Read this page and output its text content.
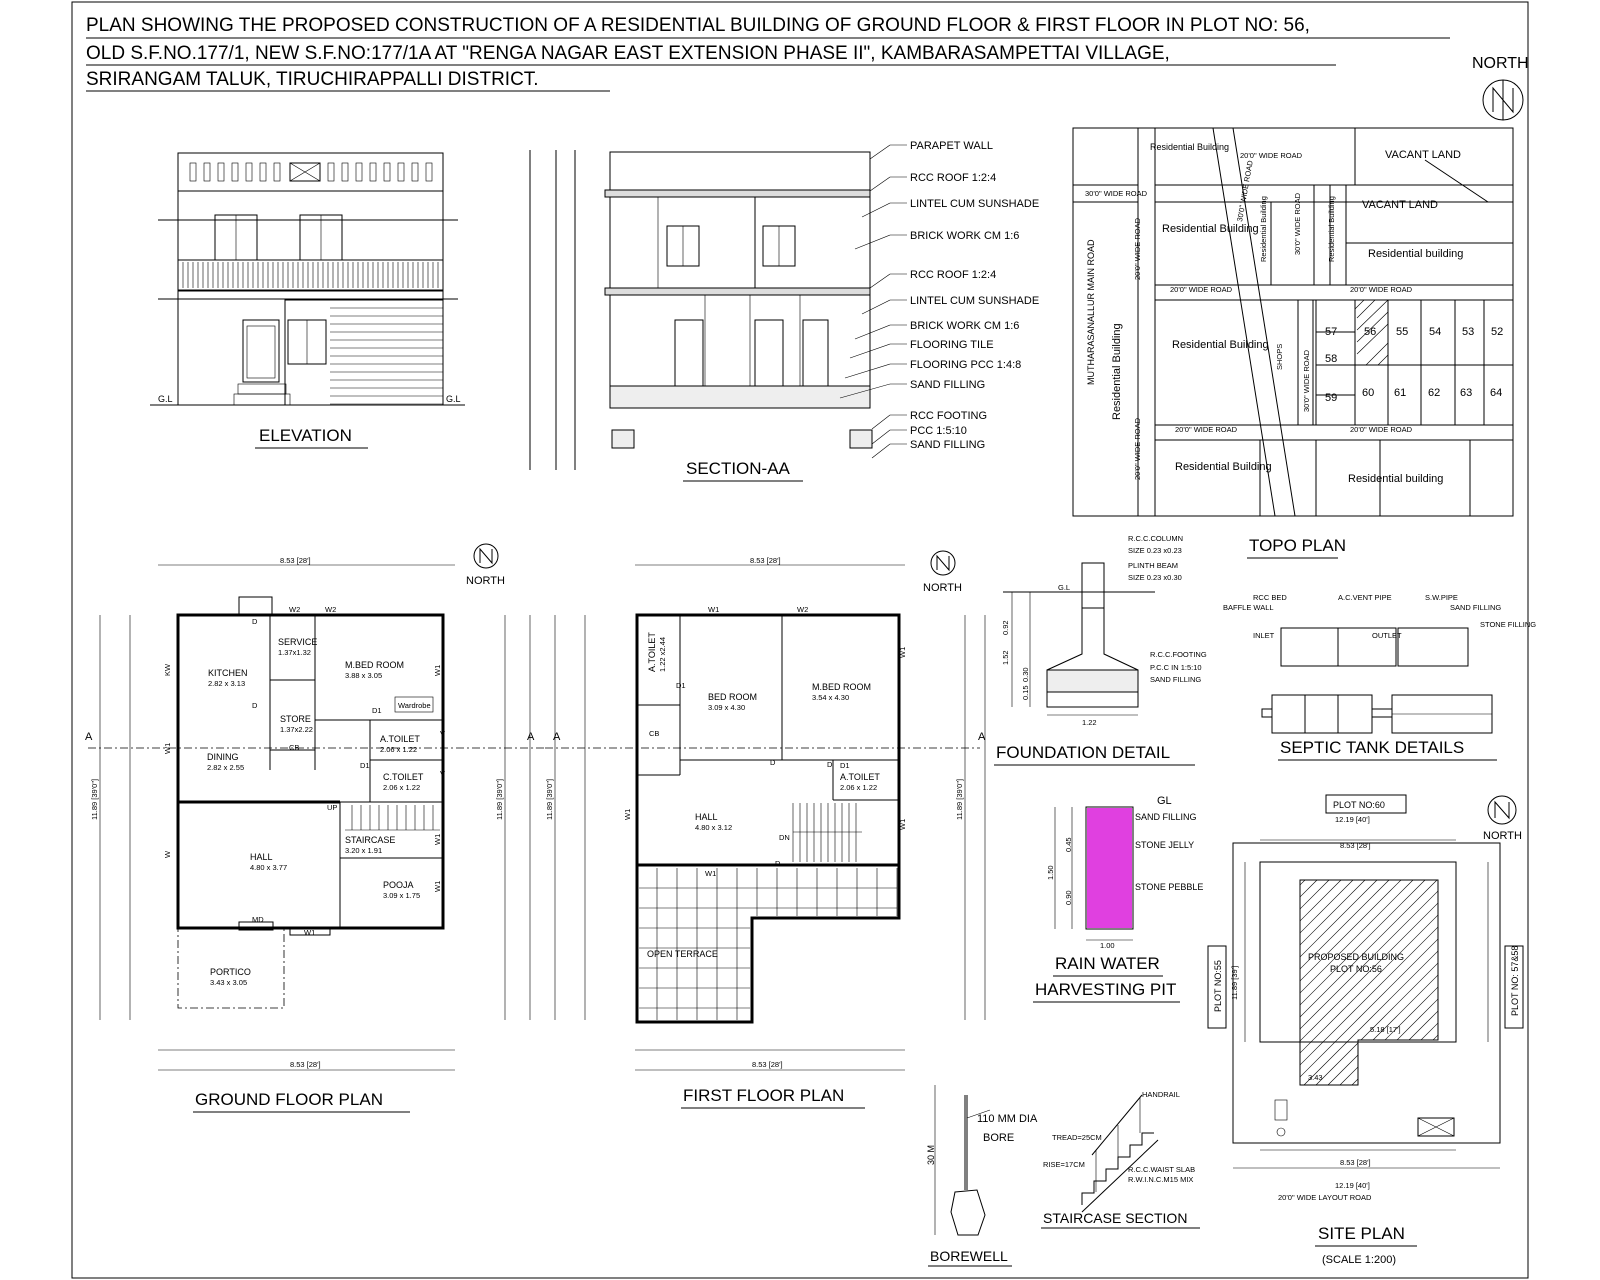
PLAN SHOWING THE PROPOSED CONSTRUCTION OF A RESIDENTIAL BUILDING OF GROUND FLOOR & FIRST FLOOR IN PLOT NO: 56,
OLD S.F.NO.177/1, NEW S.F.NO:177/1A AT "RENGA NAGAR EAST EXTENSION PHASE II", KAMBARASAMPETTAI VILLAGE,
SRIRANGAM TALUK, TIRUCHIRAPPALLI DISTRICT.
NORTH
G.L	G.L
ELEVATION
PARAPET WALL
RCC ROOF 1:2:4
LINTEL CUM SUNSHADE
BRICK WORK CM 1:6
RCC ROOF 1:2:4
LINTEL CUM SUNSHADE
BRICK WORK CM 1:6
FLOORING TILE
FLOORING PCC 1:4:8
SAND FILLING
RCC FOOTING
PCC 1:5:10
SAND FILLING
SECTION-AA
MUTHARASANALLUR MAIN ROAD
20'0" WIDE ROAD
30'0" WIDE ROAD
20'0" WIDE ROAD
20'0" WIDE ROAD
20'0" WIDE ROAD
30'0" WIDE ROAD
20'0" WIDE ROAD
30'0" WIDE ROAD
30'0" WIDE ROAD
20'0" WIDE ROAD
20'0" WIDE ROAD
Residential Building
VACANT LAND
VACANT LAND
Residential building
Residential Building
Residential Building
Residential building
Residential Building
Residential Building
Residential Building	Residential Building
SHOPS
57 56 55 54 53 52
58
59 60 61 62 63 64
TOPO PLAN
KITCHEN
2.82 x 3.13
SERVICE
1.37x1.32
M.BED ROOM
3.88 x 3.05
STORE
1.37x2.22
DINING
2.82 x 2.55
A.TOILET
2.06 x 1.22
C.TOILET
2.06 x 1.22
STAIRCASE
3.20 x 1.91
HALL
4.80 x 3.77
POOJA
3.09 x 1.75
PORTICO
3.43 x 3.05
W2	W2
KW
W1
W1
W1
W1
W1
W
D
D
D1
D1
CB
UP
MD
Wardrobe
V
V
8.53 [28']
8.53 [28']
11.89 [39'0"]	11.89 [39'0"]
A	A
GROUND FLOOR PLAN
A.TOILET 1.22 x2.44
BED ROOM
3.09 x 4.30
M.BED ROOM
3.54 x 4.30
A.TOILET
2.06 x 1.22
HALL
4.80 x 3.12
OPEN TERRACE
W1	W2
W1
W1
W1
W1
D1
D1
D	D
CB
DN
D
8.53 [28']
8.53 [28']
11.89 [39'0"]	11.89 [39'0"]
A	A
FIRST FLOOR PLAN
NORTH
NORTH
R.C.C.COLUMN
SIZE 0.23 x0.23
PLINTH BEAM
SIZE 0.23 x0.30
R.C.C.FOOTING
P.C.C IN 1:5:10
SAND FILLING
G.L
0.92
1.52
0.30
0.15
1.22
FOUNDATION DETAIL
RCC BED
BAFFLE WALL
A.C.VENT PIPE	S.W.PIPE
SAND FILLING
STONE FILLING
INLET	OUTLET
SEPTIC TANK DETAILS
GL
SAND FILLING
STONE JELLY
STONE PEBBLE
1.50
0.45
0.90
1.00
RAIN WATER
HARVESTING PIT
110 MM DIA
BORE
30 M
BOREWELL
HANDRAIL
TREAD=25CM
RISE=17CM
R.C.C.WAIST SLAB
R.W.I.N.C.M15 MIX
STAIRCASE SECTION
NORTH
PLOT NO:60
PLOT NO:55	PLOT NO: 57&58
PROPOSED BUILDING
PLOT NO:56
20'0" WIDE LAYOUT ROAD
12.19 [40']
8.53 [28']
11.89 [39']
12.19 [40']
8.53 [28']
3.43
5.18 [17']
SITE PLAN
(SCALE 1:200)
